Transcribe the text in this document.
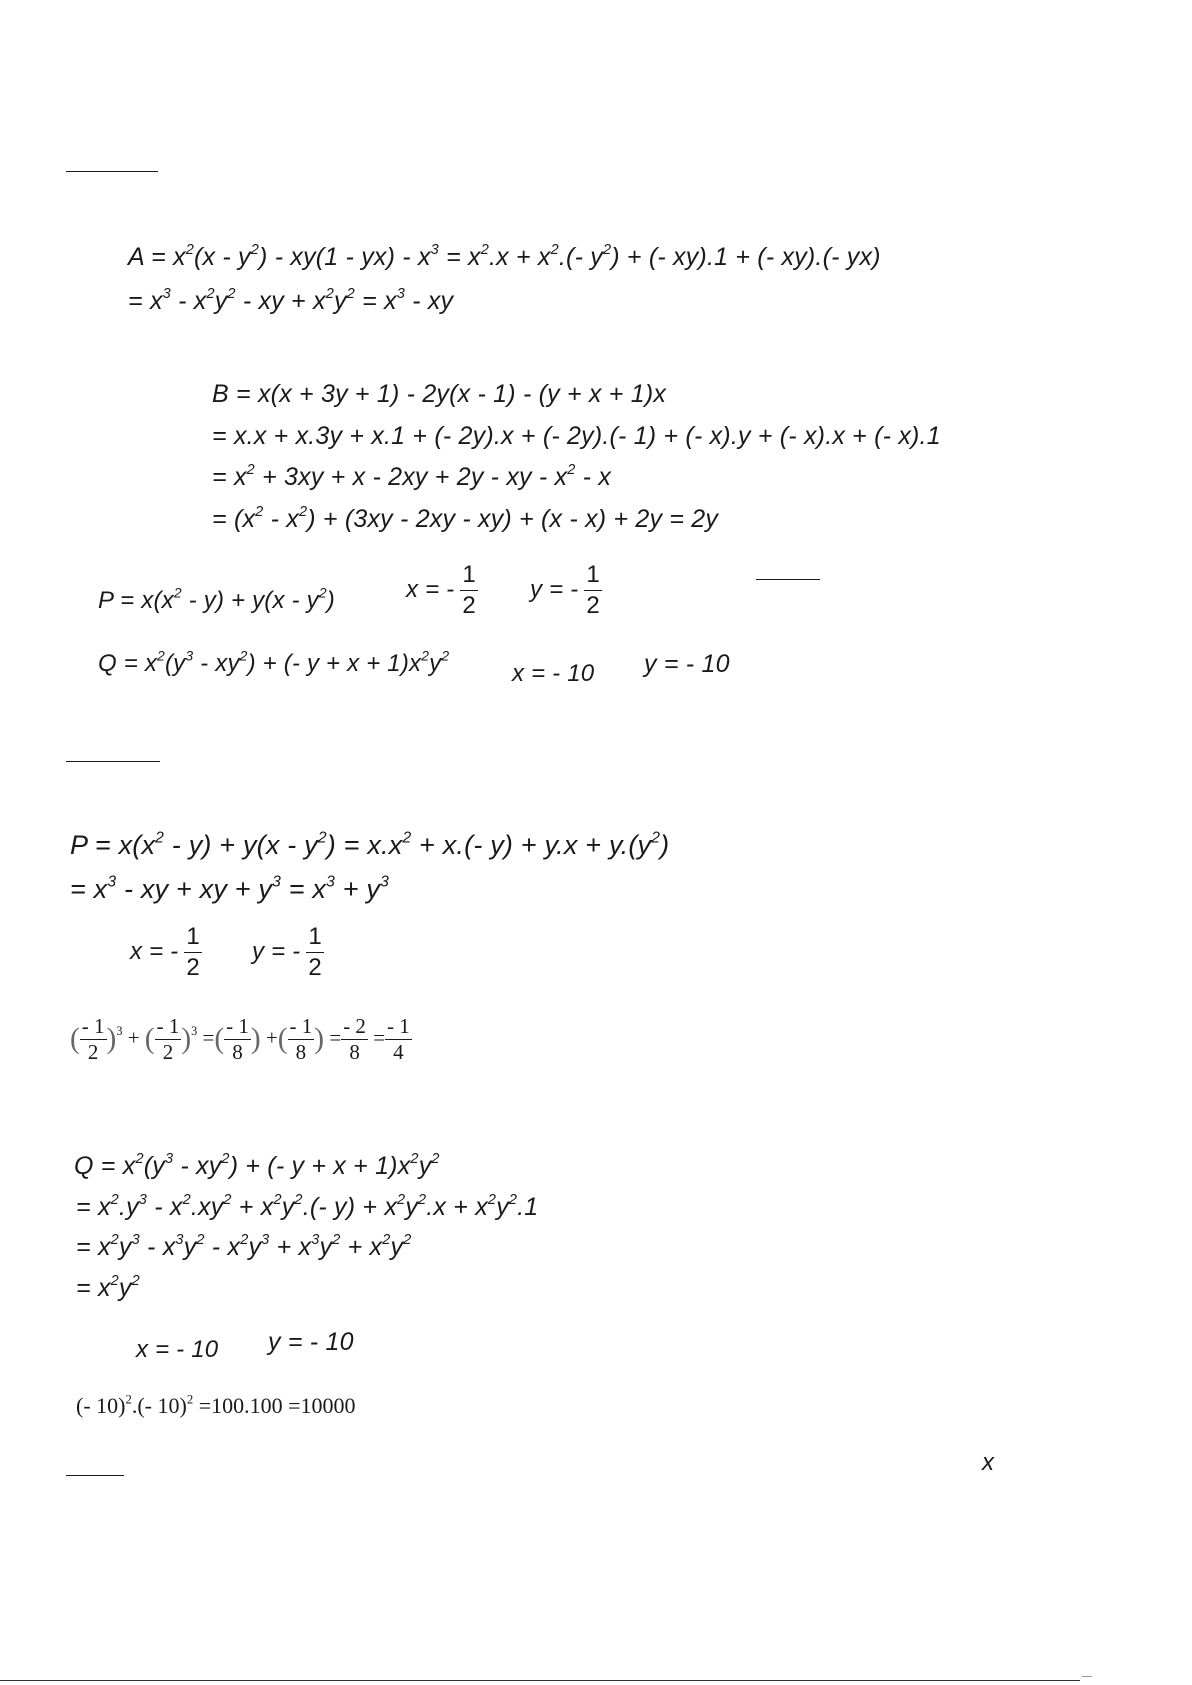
$A = x^2(x - y^2) - xy(1 - yx) - x^3 = x^2.x + x^2.(-$ $y^2$) + (- xy).1 + (- xy).(- yx)
= $x^3 - x^2y^2$ - xy + $x^2y^2 = x^3$ - xy
B = x(x + 3y + 1) - 2y(x - 1) - (y + x + 1)x
= x.x + x.3y + x.1 + (- 2y).x + (- 2y).(- 1) + (- x).y + (- x).x + (- x).1
= $x^2 + 3xy + x - 2xy + 2y$ - xy - $x^2$ - x
= $(x^2 - x^2) + (3xy - 2xy - xy) + (x - x) + 2y = 2y$
$P = x(x^2 - y) + y(x - y^2)$	x = - $\frac{1}{2}$ y = - $\frac{1}{2}$
$Q = x^2(y^3 - xy^2)$ + (- $y + x + 1)x^2y^2$
x = - 10 y = - 10
$P = x(x^2 - y) + y(x - y^2) = x.x^2 + x.(-$ $y) + y.x + y.(y^2)$
= $x^3$ - xy + xy + $y^3 = x^3 + y^3$
x = - $\frac{1}{2}$ y = - $\frac{1}{2}$
( $\frac{- 1}{2} )^3$ + ( $\frac{- 1}{2} )^3$ =( $\frac{- 1}{8}$ ) +( $\frac{- 1}{8}$ ) = $\frac{- 2}{8} = \frac{- 1}{4}$
$Q = x^2(y^3 - xy^2)$ + (- $y + x + 1)x^2y^2$
= $x^2.y^3 - x^2.xy^2 + x^2y^2.(-$ $y) + x^2y^2.x + x^2y^2.1$
= $x^2y^3 - x^3y^2 - x^2y^3 + x^3y^2 + x^2y^2$
= $x^2y^2$
x = - 10 y = - 10
(- 10)$^2$.(- 10)$^2$ =100.100 =10000
x
